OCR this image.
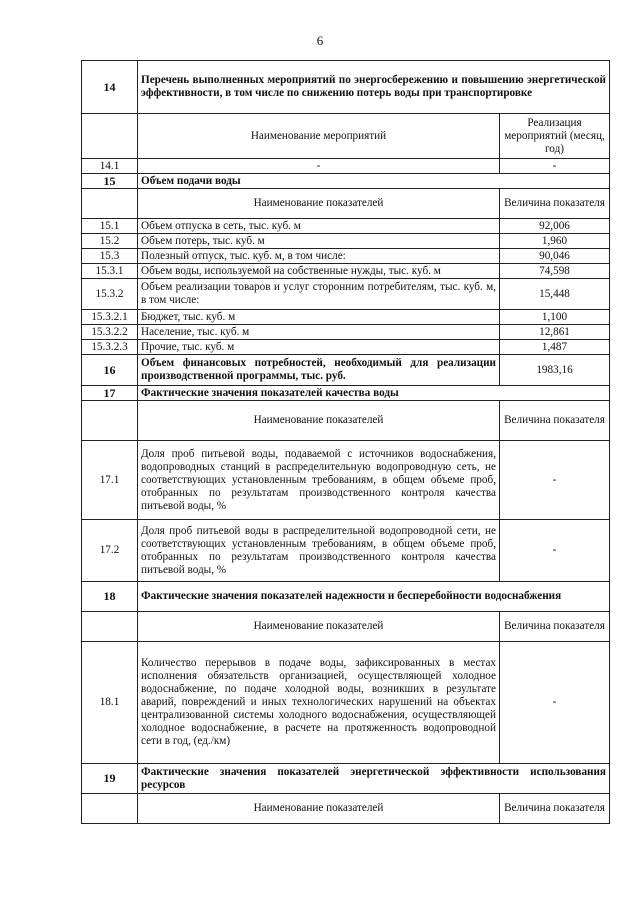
6
14	Перечень выполненных мероприятий по энергосбережению и повышению энергетической эффективности, в том числе по снижению потерь воды при транспортировке	
	Наименование мероприятий	Реализация мероприятий (месяц, год)
14.1	-	-
15	Объем подачи воды	
	Наименование показателей	Величина показателя
15.1	Объем отпуска в сеть, тыс. куб. м	92,006
15.2	Объем потерь, тыс. куб. м	1,960
15.3	Полезный отпуск, тыс. куб. м, в том числе:	90,046
15.3.1	Объем воды, используемой на собственные нужды, тыс. куб. м	74,598
15.3.2	Объем реализации товаров и услуг сторонним потребителям, тыс. куб. м, в том числе:	15,448
15.3.2.1	Бюджет, тыс. куб. м	1,100
15.3.2.2	Население, тыс. куб. м	12,861
15.3.2.3	Прочие, тыс. куб. м	1,487
16	Объем финансовых потребностей, необходимый для реализации производственной программы, тыс. руб.	1983,16
17	Фактические значения показателей качества воды	
	Наименование показателей	Величина показателя
17.1	Доля проб питьевой воды, подаваемой с источников водоснабжения, водопроводных станций в распределительную водопроводную сеть, не соответствующих установленным требованиям, в общем объеме проб, отобранных по результатам производственного контроля качества питьевой воды, %	-
17.2	Доля проб питьевой воды в распределительной водопроводной сети, не соответствующих установленным требованиям, в общем объеме проб, отобранных по результатам производственного контроля качества питьевой воды, %	-
18	Фактические значения показателей надежности и бесперебойности водоснабжения	
	Наименование показателей	Величина показателя
18.1	Количество перерывов в подаче воды, зафиксированных в местах исполнения обязательств организацией, осуществляющей холодное водоснабжение, по подаче холодной воды, возникших в результате аварий, повреждений и иных технологических нарушений на объектах централизованной системы холодного водоснабжения, осуществляющей холодное водоснабжение, в расчете на протяженность водопроводной сети в год, (ед./км)	-
19	Фактические значения показателей энергетической эффективности использования ресурсов	
	Наименование показателей	Величина показателя
